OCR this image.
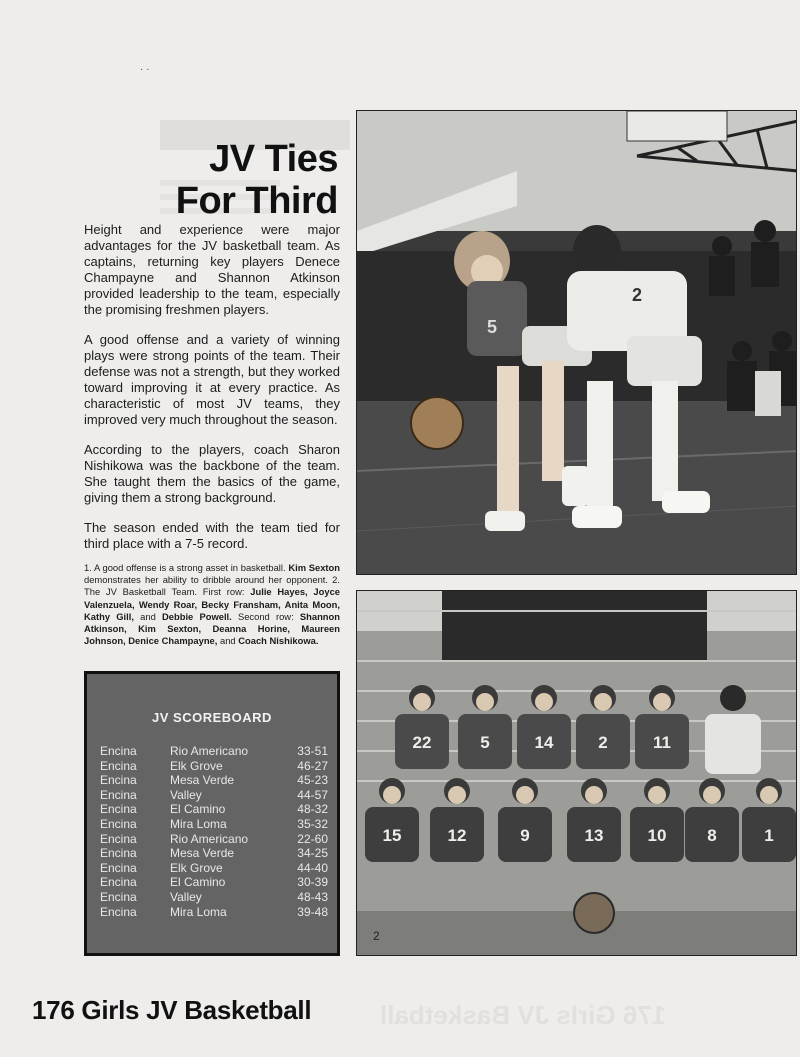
· ·
JV Ties
For Third

Height and experience were major advantages for the JV basketball team. As captains, returning key players Denece Champayne and Shannon Atkinson provided leadership to the team, especially the promising freshmen players.

A good offense and a variety of winning plays were strong points of the team. Their defense was not a strength, but they worked toward improving it at every practice. As characteristic of most JV teams, they improved very much throughout the season.

According to the players, coach Sharon Nishikowa was the backbone of the team. She taught them the basics of the game, giving them a strong background.

The season ended with the team tied for third place with a 7-5 record.

1. A good offense is a strong asset in basketball. Kim Sexton demonstrates her ability to dribble around her opponent. 2. The JV Basketball Team. First row: Julie Hayes, Joyce Valenzuela, Wendy Roar, Becky Fransham, Anita Moon, Kathy Gill, and Debbie Powell. Second row: Shannon Atkinson, Kim Sexton, Deanna Horine, Maureen Johnson, Denice Champayne, and Coach Nishikowa.
JV SCOREBOARD
Encina	Rio Americano	33-51
Encina	Elk Grove	46-27
Encina	Mesa Verde	45-23
Encina	Valley	44-57
Encina	El Camino	48-32
Encina	Mira Loma	35-32
Encina	Rio Americano	22-60
Encina	Mesa Verde	34-25
Encina	Elk Grove	44-40
Encina	El Camino	30-39
Encina	Valley	48-43
Encina	Mira Loma	39-48
5
2
22	5	14	2	11
15	12	9	13	10 8	1
2
176 Girls JV Basketball	176 Girls JV Basketball
